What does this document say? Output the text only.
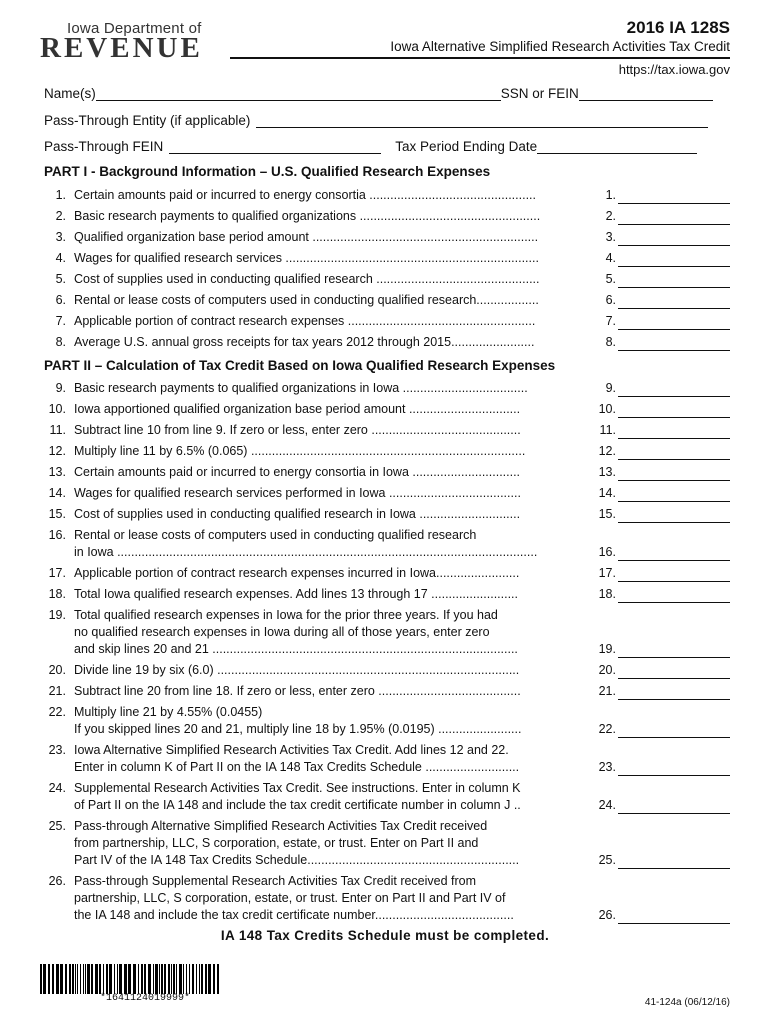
Iowa Department of
REVENUE
2016 IA 128S
Iowa Alternative Simplified Research Activities Tax Credit
https://tax.iowa.gov
Name(s)	SSN or FEIN
Pass-Through Entity (if applicable)
Pass-Through FEIN	Tax Period Ending Date
PART I - Background Information – U.S. Qualified Research Expenses
1. Certain amounts paid or incurred to energy consortia ................................................	1.
2. Basic research payments to qualified organizations ....................................................	2.
3. Qualified organization base period amount .................................................................	3.
4. Wages for qualified research services .........................................................................	4.
5. Cost of supplies used in conducting qualified research ...............................................	5.
6. Rental or lease costs of computers used in conducting qualified research..................	6.
7. Applicable portion of contract research expenses ......................................................	7.
8. Average U.S. annual gross receipts for tax years 2012 through 2015........................	8.
PART II – Calculation of Tax Credit Based on Iowa Qualified Research Expenses
9. Basic research payments to qualified organizations in Iowa ....................................	9.
10. Iowa apportioned qualified organization base period amount ................................	10.
11. Subtract line 10 from line 9. If zero or less, enter zero ...........................................	11.
12. Multiply line 11 by 6.5% (0.065) ...............................................................................	12.
13. Certain amounts paid or incurred to energy consortia in Iowa ...............................	13.
14. Wages for qualified research services performed in Iowa ......................................	14.
15. Cost of supplies used in conducting qualified research in Iowa .............................	15.
16. Rental or lease costs of computers used in conducting qualified research
in Iowa .........................................................................................................................	16.
17. Applicable portion of contract research expenses incurred in Iowa........................	17.
18. Total Iowa qualified research expenses. Add lines 13 through 17 .........................	18.
19. Total qualified research expenses in Iowa for the prior three years. If you had
no qualified research expenses in Iowa during all of those years, enter zero
and skip lines 20 and 21 ........................................................................................	19.
20. Divide line 19 by six (6.0) .......................................................................................	20.
21. Subtract line 20 from line 18. If zero or less, enter zero .........................................	21.
22. Multiply line 21 by 4.55% (0.0455)
If you skipped lines 20 and 21, multiply line 18 by 1.95% (0.0195) ........................	22.
23. Iowa Alternative Simplified Research Activities Tax Credit. Add lines 12 and 22.
Enter in column K of Part II on the IA 148 Tax Credits Schedule ...........................	23.
24. Supplemental Research Activities Tax Credit. See instructions. Enter in column K
of Part II on the IA 148 and include the tax credit certificate number in column J ..	24.
25. Pass-through Alternative Simplified Research Activities Tax Credit received
from partnership, LLC, S corporation, estate, or trust. Enter on Part II and
Part IV of the IA 148 Tax Credits Schedule.............................................................	25.
26. Pass-through Supplemental Research Activities Tax Credit received from
partnership, LLC, S corporation, estate, or trust. Enter on Part II and Part IV of
the IA 148 and include the tax credit certificate number........................................	26.
IA 148 Tax Credits Schedule must be completed.
*1641124019999*	41-124a (06/12/16)
